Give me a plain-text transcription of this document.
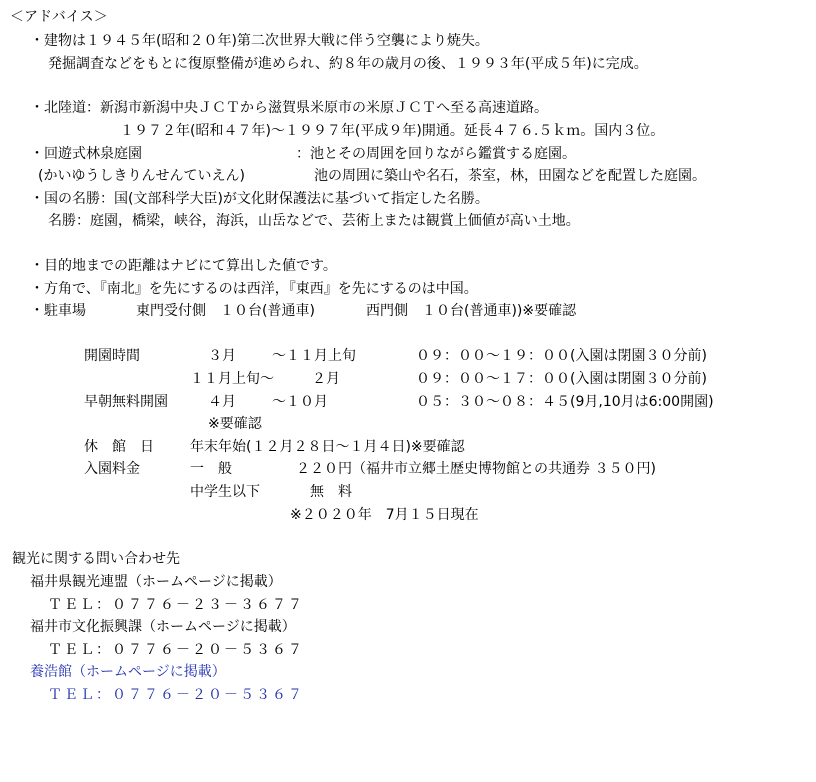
＜アドバイス＞
・建物は１９４５年(昭和２０年)第二次世界大戦に伴う空襲により焼失。
発掘調査などをもとに復原整備が進められ、約８年の歳月の後、１９９３年(平成５年)に完成。
・北陸道：新潟市新潟中央ＪＣＴから滋賀県米原市の米原ＪＣＴへ至る高速道路。
１９７２年(昭和４７年)～１９９７年(平成９年)開通。延長４７６.５ｋｍ。国内３位。
・回遊式林泉庭園	：池とその周囲を回りながら鑑賞する庭園。
(かいゆうしきりんせんていえん)	池の周囲に築山や名石，茶室，林，田園などを配置した庭園。
・国の名勝：国(文部科学大臣)が文化財保護法に基づいて指定した名勝。
名勝：庭園，橋梁，峡谷，海浜，山岳などで、芸術上または観賞上価値が高い土地。
・目的地までの距離はナビにて算出した値です。
・方角で、『南北』を先にするのは西洋，『東西』を先にするのは中国。
・駐車場	東門受付側　１０台(普通車)	西門側　１０台(普通車))※要確認
開園時間	３月	～１１月上旬	０９：００～１９：００(入園は閉園３０分前)
１１月上旬～	２月	０９：００～１７：００(入園は閉園３０分前)
早朝無料開園	４月	～１０月	０５：３０～０８：４５(9月,10月は6:00開園)
※要確認
休　館　日	年末年始(１２月２８日～１月４日)※要確認
入園料金	一　般	２２０円（福井市立郷土歴史博物館との共通券 ３５０円)
中学生以下	無　料
※２０２０年　7月１５日現在
観光に関する問い合わせ先
福井県観光連盟（ホームページに掲載）
ＴＥＬ：０７７６－２３－３６７７
福井市文化振興課（ホームページに掲載）
ＴＥＬ：０７７６－２０－５３６７
養浩館（ホームページに掲載）
ＴＥＬ：０７７６－２０－５３６７
